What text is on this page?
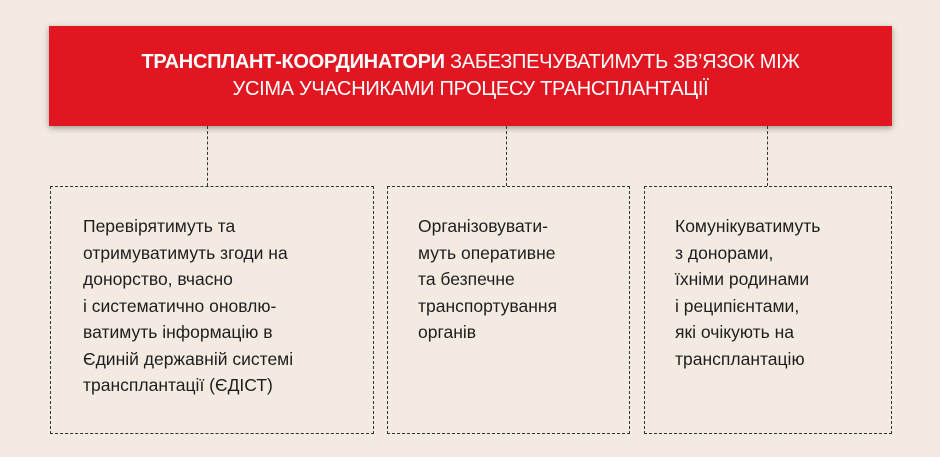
ТРАНСПЛАНТ-КООРДИНАТОРИ ЗАБЕЗПЕЧУВАТИМУТЬ ЗВ’ЯЗОК МІЖ
УСІМА УЧАСНИКАМИ ПРОЦЕСУ ТРАНСПЛАНТАЦІЇ
Перевірятимуть та
отримуватимуть згоди на
донорство, вчасно
і систематично оновлю-
ватимуть інформацію в
Єдиній державній системі
трансплантації (ЄДІСТ)
Організовувати-
муть оперативне
та безпечне
транспортування
органів
Комунікуватимуть
з донорами,
їхніми родинами
і реципієнтами,
які очікують на
трансплантацію
